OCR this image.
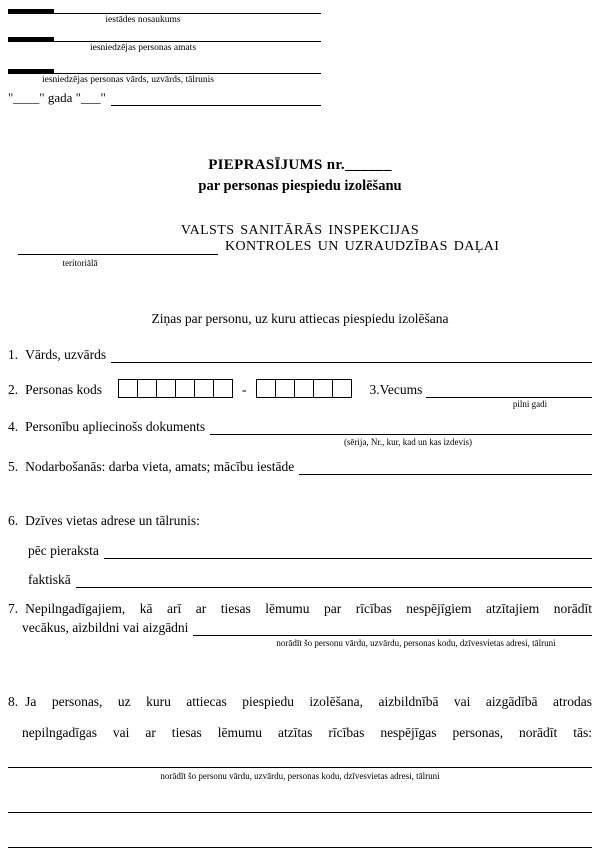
iestādes nosaukums
iesniedzējas personas amats
iesniedzējas personas vārds, uzvārds, tālrunis
"____" gada "___"
PIEPRASĪJUMS nr.______
par personas piespiedu izolēšanu
VALSTS SANITĀRĀS INSPEKCIJAS
KONTROLES UN UZRAUDZĪBAS DAĻAI
teritoriālā
Ziņas par personu, uz kuru attiecas piespiedu izolēšana
1. Vārds, uzvārds
2. Personas kods	-	3.Vecums
pilni gadi
4. Personību apliecinošs dokuments
(sērija, Nr., kur, kad un kas izdevis)
5. Nodarbošanās: darba vieta, amats; mācību iestāde
6. Dzīves vietas adrese un tālrunis:
pēc pieraksta
faktiskā
7. Nepilngadīgajiem, kā arī ar tiesas lēmumu par rīcības nespējīgiem atzītajiem norādīt
vecākus, aizbildni vai aizgādni
norādīt šo personu vārdu, uzvārdu, personas kodu, dzīvesvietas adresi, tālruni
8. Ja personas, uz kuru attiecas piespiedu izolēšana, aizbildnībā vai aizgādībā atrodas
nepilngadīgas vai ar tiesas lēmumu atzītas rīcības nespējīgas personas, norādīt tās:
norādīt šo personu vārdu, uzvārdu, personas kodu, dzīvesvietas adresi, tālruni
